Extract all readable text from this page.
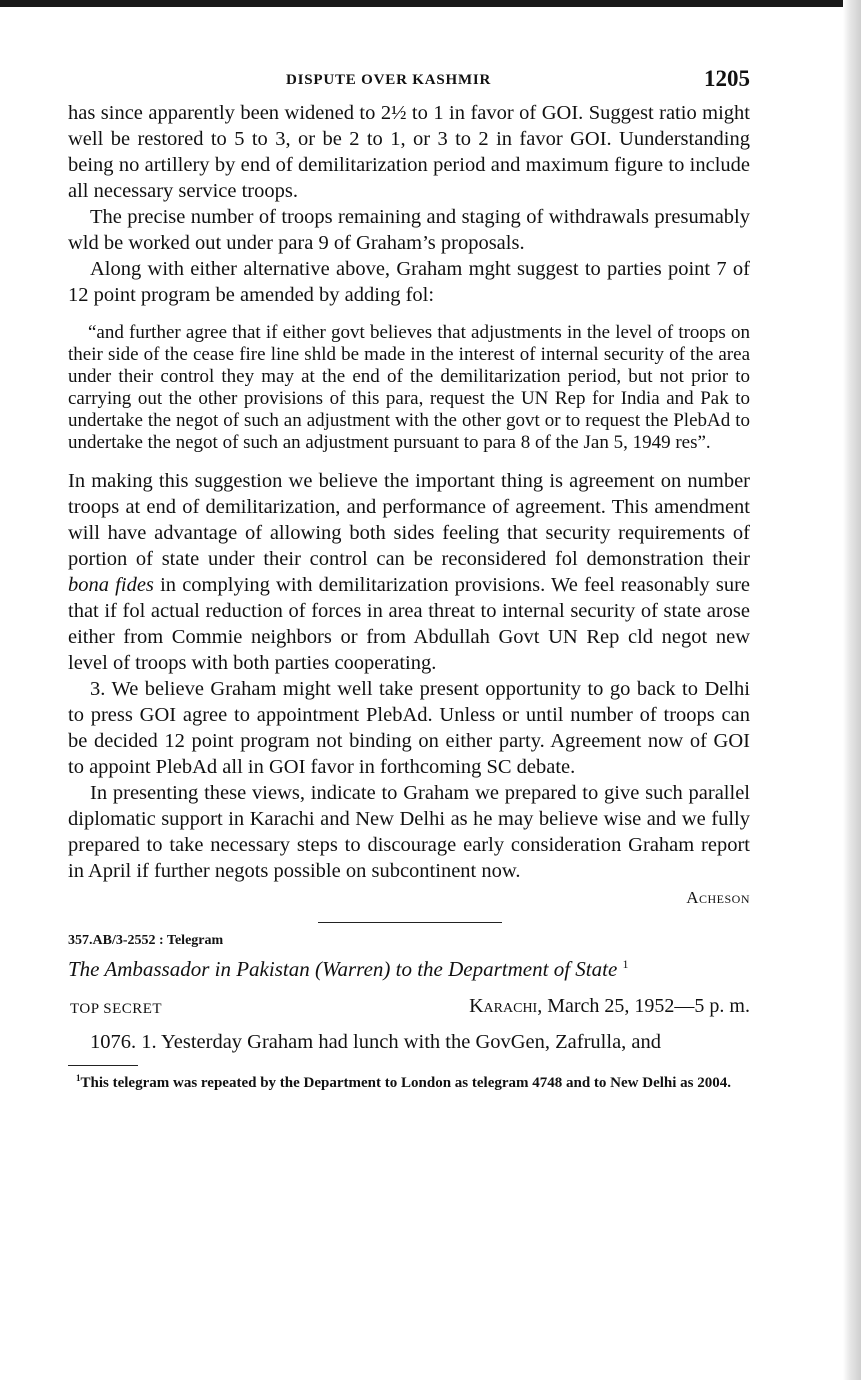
DISPUTE OVER KASHMIR	1205

has since apparently been widened to 2½ to 1 in favor of GOI. Suggest ratio might well be restored to 5 to 3, or be 2 to 1, or 3 to 2 in favor GOI. Uunderstanding being no artillery by end of demilitarization period and maximum figure to include all necessary service troops.

The precise number of troops remaining and staging of withdrawals presumably wld be worked out under para 9 of Graham’s proposals.

Along with either alternative above, Graham mght suggest to parties point 7 of 12 point program be amended by adding fol:

“and further agree that if either govt believes that adjustments in the level of troops on their side of the cease fire line shld be made in the interest of internal security of the area under their control they may at the end of the demilitarization period, but not prior to carrying out the other provisions of this para, request the UN Rep for India and Pak to undertake the negot of such an adjustment with the other govt or to request the PlebAd to undertake the negot of such an adjustment pursuant to para 8 of the Jan 5, 1949 res”.

In making this suggestion we believe the important thing is agreement on number troops at end of demilitarization, and performance of agreement. This amendment will have advantage of allowing both sides feeling that security requirements of portion of state under their control can be reconsidered fol demonstration their bona fides in complying with demilitarization provisions. We feel reasonably sure that if fol actual reduction of forces in area threat to internal security of state arose either from Commie neighbors or from Abdullah Govt UN Rep cld negot new level of troops with both parties cooperating.

3. We believe Graham might well take present opportunity to go back to Delhi to press GOI agree to appointment PlebAd. Unless or until number of troops can be decided 12 point program not binding on either party. Agreement now of GOI to appoint PlebAd all in GOI favor in forthcoming SC debate.

In presenting these views, indicate to Graham we prepared to give such parallel diplomatic support in Karachi and New Delhi as he may believe wise and we fully prepared to take necessary steps to discourage early consideration Graham report in April if further negots possible on subcontinent now.

Acheson
357.AB/3-2552 : Telegram
The Ambassador in Pakistan (Warren) to the Department of State $^1$
TOP SECRET	Karachi, March 25, 1952—5 p. m.

1076. 1. Yesterday Graham had lunch with the GovGen, Zafrulla, and

$^1$This telegram was repeated by the Department to London as telegram 4748 and to New Delhi as 2004.
